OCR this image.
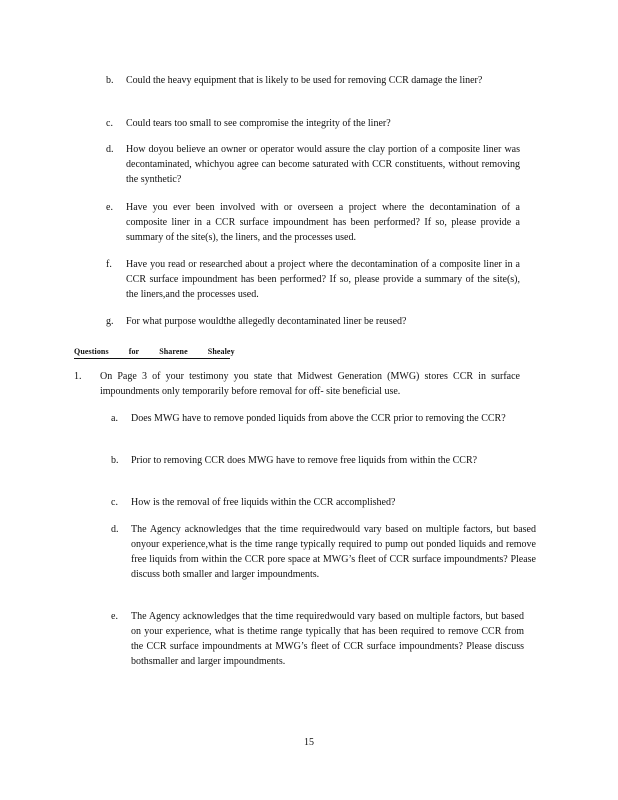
b. Could the heavy equipment that is likely to be used for removing CCR damage the liner?
c. Could tears too small to see compromise the integrity of the liner?
d. How doyou believe an owner or operator would assure the clay portion of a composite liner was decontaminated, whichyou agree can become saturated with CCR constituents, without removing the synthetic?
e. Have you ever been involved with or overseen a project where the decontamination of a composite liner in a CCR surface impoundment has been performed? If so, please provide a summary of the site(s), the liners, and the processes used.
f. Have you read or researched about a project where the decontamination of a composite liner in a CCR surface impoundment has been performed? If so, please provide a summary of the site(s), the liners,and the processes used.
g. For what purpose wouldthe allegedly decontaminated liner be reused?
Questions	for	Sharene	Shealey
1. On Page 3 of your testimony you state that Midwest Generation (MWG) stores CCR in surface impoundments only temporarily before removal for off- site beneficial use.
a. Does MWG have to remove ponded liquids from above the CCR prior to removing the CCR?
b. Prior to removing CCR does MWG have to remove free liquids from within the CCR?
c. How is the removal of free liquids within the CCR accomplished?
d. The Agency acknowledges that the time requiredwould vary based on multiple factors, but based onyour experience,what is the time range typically required to pump out ponded liquids and remove free liquids from within the CCR pore space at MWG’s fleet of CCR surface impoundments? Please discuss both smaller and larger impoundments.
e. The Agency acknowledges that the time requiredwould vary based on multiple factors, but based on your experience, what is thetime range typically that has been required to remove CCR from the CCR surface impoundments at MWG’s fleet of CCR surface impoundments? Please discuss bothsmaller and larger impoundments.
15
